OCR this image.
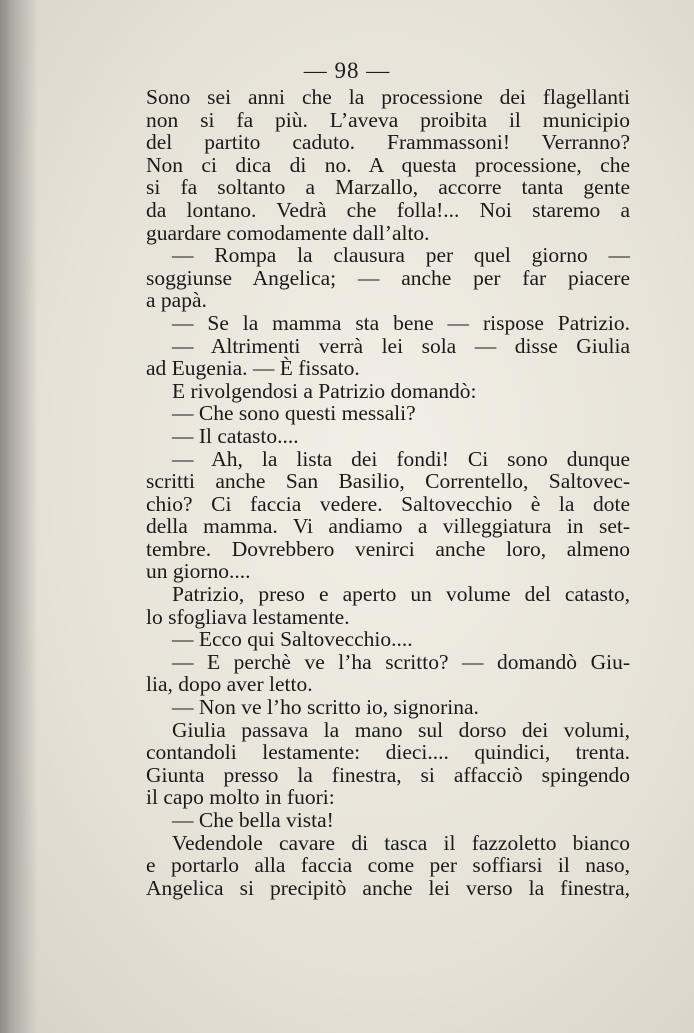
— 98 —
Sono sei anni che la processione dei flagellanti
non si fa più. L’aveva proibita il municipio
del partito caduto. Frammassoni! Verranno?
Non ci dica di no. A questa processione, che
si fa soltanto a Marzallo, accorre tanta gente
da lontano. Vedrà che folla!... Noi staremo a
guardare comodamente dall’alto.
— Rompa la clausura per quel giorno —
soggiunse Angelica; — anche per far piacere
a papà.
— Se la mamma sta bene — rispose Patrizio.
— Altrimenti verrà lei sola — disse Giulia
ad Eugenia. — È fissato.
E rivolgendosi a Patrizio domandò:
— Che sono questi messali?
— Il catasto....
— Ah, la lista dei fondi! Ci sono dunque
scritti anche San Basilio, Correntello, Saltovec-
chio? Ci faccia vedere. Saltovecchio è la dote
della mamma. Vi andiamo a villeggiatura in set-
tembre. Dovrebbero venirci anche loro, almeno
un giorno....
Patrizio, preso e aperto un volume del catasto,
lo sfogliava lestamente.
— Ecco qui Saltovecchio....
— E perchè ve l’ha scritto? — domandò Giu-
lia, dopo aver letto.
— Non ve l’ho scritto io, signorina.
Giulia passava la mano sul dorso dei volumi,
contandoli lestamente: dieci.... quindici, trenta.
Giunta presso la finestra, si affacciò spingendo
il capo molto in fuori:
— Che bella vista!
Vedendole cavare di tasca il fazzoletto bianco
e portarlo alla faccia come per soffiarsi il naso,
Angelica si precipitò anche lei verso la finestra,
